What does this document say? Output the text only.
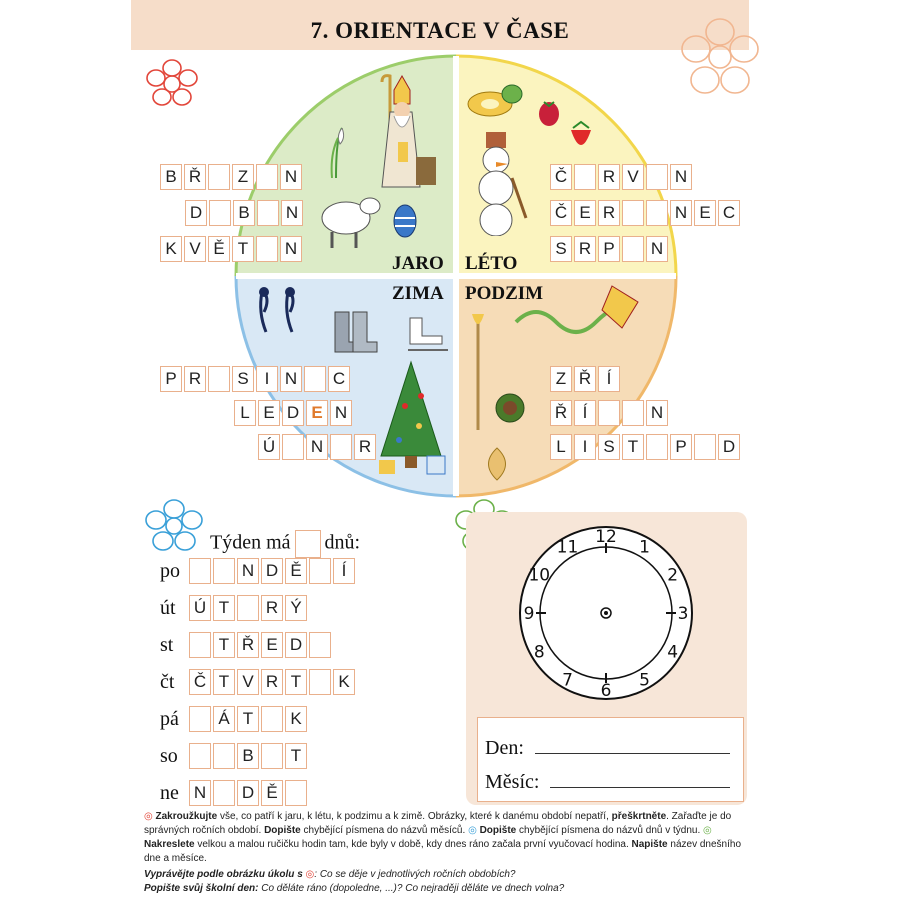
7. ORIENTACE V ČASE
JARO LÉTO
ZIMA PODZIM
B Ř	Z	N
D	B	N
K V Ě T	N
Č R V	N
Č E R	N E C
S R P	N
P R	S I N C
L E D E N
Ú N R
Z Ř Í
Ř Í	N
L I S T	P	D
Týden má dnů:
po	N D Ě	Í
út Ú T	R Ý
st	T Ř E D
čt Č T V R T	K
pá	Á T	K
so	B	T
ne N D Ě
12
1
2
3
4
5
6
7
8
9
10
11
Den:
Měsíc:
◎ Zakroužkujte vše, co patří k jaru, k létu, k podzimu a k zimě. Obrázky, které k danému období nepatří, přeškrtněte. Zařaďte je do správných ročních období. Dopište chybějící písmena do názvů měsíců. ◎ Dopište chybějící písmena do názvů dnů v týdnu. ◎ Nakreslete velkou a malou ručičku hodin tam, kde byly v době, kdy dnes ráno začala první vyučovací hodina. Napište název dnešního dne a měsíce.
Vyprávějte podle obrázku úkolu s ◎: Co se děje v jednotlivých ročních obdobích?
Popište svůj školní den: Co děláte ráno (dopoledne, ...)? Co nejraději děláte ve dnech volna?
